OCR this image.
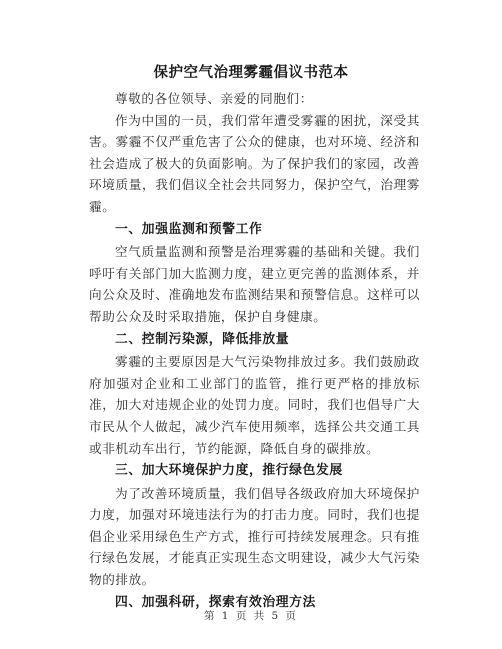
保护空气治理雾霾倡议书范本

尊敬的各位领导、亲爱的同胞们：

作为中国的一员，我们常年遭受雾霾的困扰，深受其害。雾霾不仅严重危害了公众的健康，也对环境、经济和社会造成了极大的负面影响。为了保护我们的家园，改善环境质量，我们倡议全社会共同努力，保护空气，治理雾霾。

一、加强监测和预警工作

空气质量监测和预警是治理雾霾的基础和关键。我们呼吁有关部门加大监测力度，建立更完善的监测体系，并向公众及时、准确地发布监测结果和预警信息。这样可以帮助公众及时采取措施，保护自身健康。

二、控制污染源，降低排放量

雾霾的主要原因是大气污染物排放过多。我们鼓励政府加强对企业和工业部门的监管，推行更严格的排放标准，加大对违规企业的处罚力度。同时，我们也倡导广大市民从个人做起，减少汽车使用频率，选择公共交通工具或非机动车出行，节约能源，降低自身的碳排放。

三、加大环境保护力度，推行绿色发展

为了改善环境质量，我们倡导各级政府加大环境保护力度，加强对环境违法行为的打击力度。同时，我们也提倡企业采用绿色生产方式，推行可持续发展理念。只有推行绿色发展，才能真正实现生态文明建设，减少大气污染物的排放。

四、加强科研，探索有效治理方法
第 1 页 共 5 页
